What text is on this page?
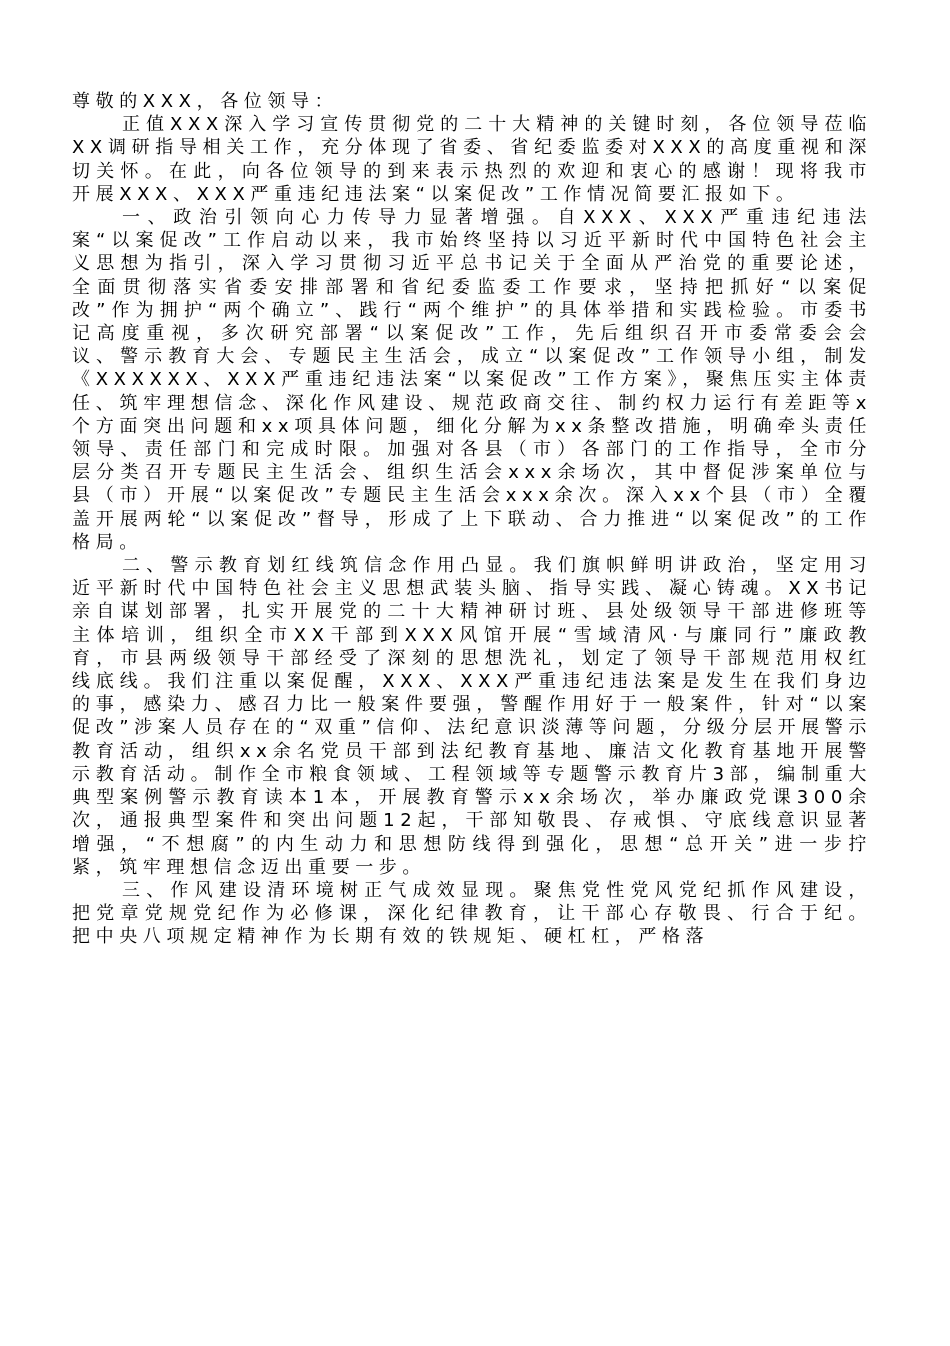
尊敬的XXX，各位领导：

正值XXX深入学习宣传贯彻党的二十大精神的关键时刻，各位领导莅临XX调研指导相关工作，充分体现了省委、省纪委监委对XXX的高度重视和深切关怀。在此，向各位领导的到来表示热烈的欢迎和衷心的感谢！现将我市开展XXX、XXX严重违纪违法案“以案促改”工作情况简要汇报如下。

一、政治引领向心力传导力显著增强。自XXX、XXX严重违纪违法案“以案促改”工作启动以来，我市始终坚持以习近平新时代中国特色社会主义思想为指引，深入学习贯彻习近平总书记关于全面从严治党的重要论述，全面贯彻落实省委安排部署和省纪委监委工作要求，坚持把抓好“以案促改”作为拥护“两个确立”、践行“两个维护”的具体举措和实践检验。市委书记高度重视，多次研究部署“以案促改”工作，先后组织召开市委常委会会议、警示教育大会、专题民主生活会，成立“以案促改”工作领导小组，制发《XXXXXX、XXX严重违纪违法案“以案促改”工作方案》，聚焦压实主体责任、筑牢理想信念、深化作风建设、规范政商交往、制约权力运行有差距等x个方面突出问题和xx项具体问题，细化分解为xx条整改措施，明确牵头责任领导、责任部门和完成时限。加强对各县（市）各部门的工作指导，全市分层分类召开专题民主生活会、组织生活会xxx余场次，其中督促涉案单位与县（市）开展“以案促改”专题民主生活会xxx余次。深入xx个县（市）全覆盖开展两轮“以案促改”督导，形成了上下联动、合力推进“以案促改”的工作格局。

二、警示教育划红线筑信念作用凸显。我们旗帜鲜明讲政治，坚定用习近平新时代中国特色社会主义思想武装头脑、指导实践、凝心铸魂。XX书记亲自谋划部署，扎实开展党的二十大精神研讨班、县处级领导干部进修班等主体培训，组织全市XX干部到XXX风馆开展“雪域清风·与廉同行”廉政教育，市县两级领导干部经受了深刻的思想洗礼，划定了领导干部规范用权红线底线。我们注重以案促醒，XXX、XXX严重违纪违法案是发生在我们身边的事，感染力、感召力比一般案件要强，警醒作用好于一般案件，针对“以案促改”涉案人员存在的“双重”信仰、法纪意识淡薄等问题，分级分层开展警示教育活动，组织xx余名党员干部到法纪教育基地、廉洁文化教育基地开展警示教育活动。制作全市粮食领域、工程领域等专题警示教育片3部，编制重大典型案例警示教育读本1本，开展教育警示xx余场次，举办廉政党课300余次，通报典型案件和突出问题12起，干部知敬畏、存戒惧、守底线意识显著增强，“不想腐”的内生动力和思想防线得到强化，思想“总开关”进一步拧紧，筑牢理想信念迈出重要一步。

三、作风建设清环境树正气成效显现。聚焦党性党风党纪抓作风建设，把党章党规党纪作为必修课，深化纪律教育，让干部心存敬畏、行合于纪。把中央八项规定精神作为长期有效的铁规矩、硬杠杠，严格落
